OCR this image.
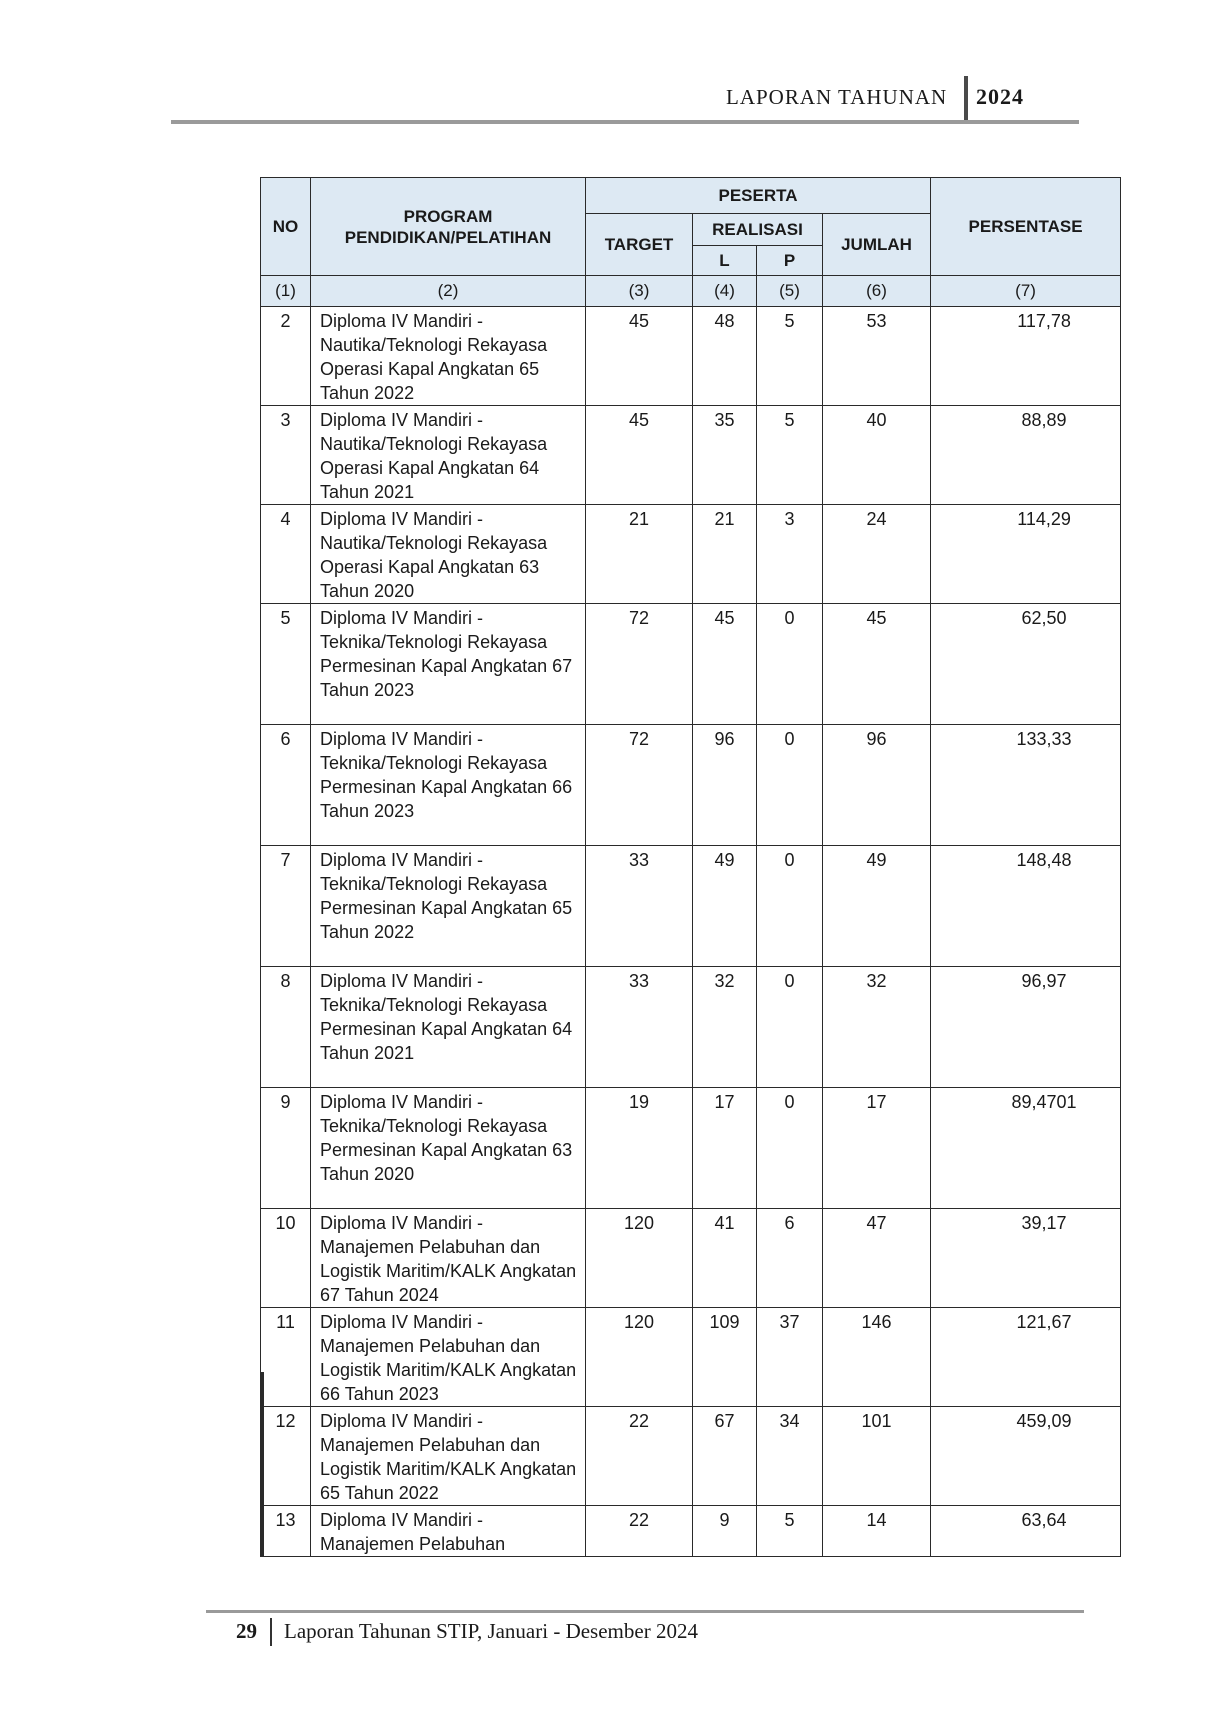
LAPORAN TAHUNAN 2024
NO	PROGRAM PENDIDIKAN/PELATIHAN	PESERTA				PERSENTASE
		TARGET	REALISASI		JUMLAH	
			L	P		
(1)	(2)	(3)	(4)	(5)	(6)	(7)
2	Diploma IV Mandiri - Nautika/Teknologi Rekayasa Operasi Kapal Angkatan 65 Tahun 2022	45	48	5	53	117,78
3	Diploma IV Mandiri - Nautika/Teknologi Rekayasa Operasi Kapal Angkatan 64 Tahun 2021	45	35	5	40	88,89
4	Diploma IV Mandiri - Nautika/Teknologi Rekayasa Operasi Kapal Angkatan 63 Tahun 2020	21	21	3	24	114,29
5	Diploma IV Mandiri - Teknika/Teknologi Rekayasa Permesinan Kapal Angkatan 67 Tahun 2023	72	45	0	45	62,50
6	Diploma IV Mandiri - Teknika/Teknologi Rekayasa Permesinan Kapal Angkatan 66 Tahun 2023	72	96	0	96	133,33
7	Diploma IV Mandiri - Teknika/Teknologi Rekayasa Permesinan Kapal Angkatan 65 Tahun 2022	33	49	0	49	148,48
8	Diploma IV Mandiri - Teknika/Teknologi Rekayasa Permesinan Kapal Angkatan 64 Tahun 2021	33	32	0	32	96,97
9	Diploma IV Mandiri - Teknika/Teknologi Rekayasa Permesinan Kapal Angkatan 63 Tahun 2020	19	17	0	17	89,4701
10	Diploma IV Mandiri - Manajemen Pelabuhan dan Logistik Maritim/KALK Angkatan 67 Tahun 2024	120	41	6	47	39,17
11	Diploma IV Mandiri - Manajemen Pelabuhan dan Logistik Maritim/KALK Angkatan 66 Tahun 2023	120	109	37	146	121,67
12	Diploma IV Mandiri - Manajemen Pelabuhan dan Logistik Maritim/KALK Angkatan 65 Tahun 2022	22	67	34	101	459,09
13	Diploma IV Mandiri - Manajemen Pelabuhan	22	9	5	14	63,64
29 Laporan Tahunan STIP, Januari - Desember 2024
